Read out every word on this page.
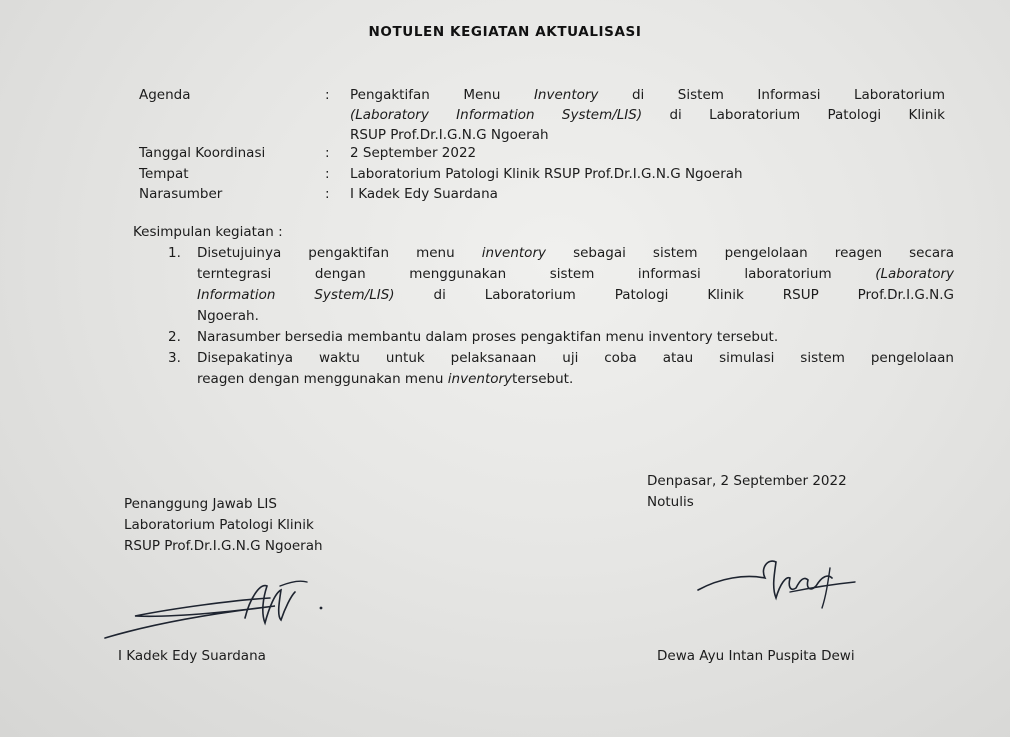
NOTULEN KEGIATAN AKTUALISASI
Agenda	: Pengaktifan Menu Inventory di Sistem Informasi Laboratorium
(Laboratory Information System/LIS) di Laboratorium Patologi Klinik
RSUP Prof.Dr.I.G.N.G Ngoerah
Tanggal Koordinasi	: 2 September 2022
Tempat	: Laboratorium Patologi Klinik RSUP Prof.Dr.I.G.N.G Ngoerah
Narasumber	: I Kadek Edy Suardana
Kesimpulan kegiatan :
1. Disetujuinya pengaktifan menu inventory sebagai sistem pengelolaan reagen secara
terntegrasi dengan menggunakan sistem informasi laboratorium	(Laboratory
Information System/LIS)	di Laboratorium Patologi Klinik RSUP Prof.Dr.I.G.N.G
Ngoerah.
2. Narasumber bersedia membantu dalam proses pengaktifan menu inventory tersebut.
3. Disepakatinya waktu untuk pelaksanaan uji coba atau simulasi sistem pengelolaan
reagen dengan menggunakan menu inventorytersebut.
Denpasar, 2 September 2022
Notulis
Penanggung Jawab LIS
Laboratorium Patologi Klinik
RSUP Prof.Dr.I.G.N.G Ngoerah
I Kadek Edy Suardana	Dewa Ayu Intan Puspita Dewi
